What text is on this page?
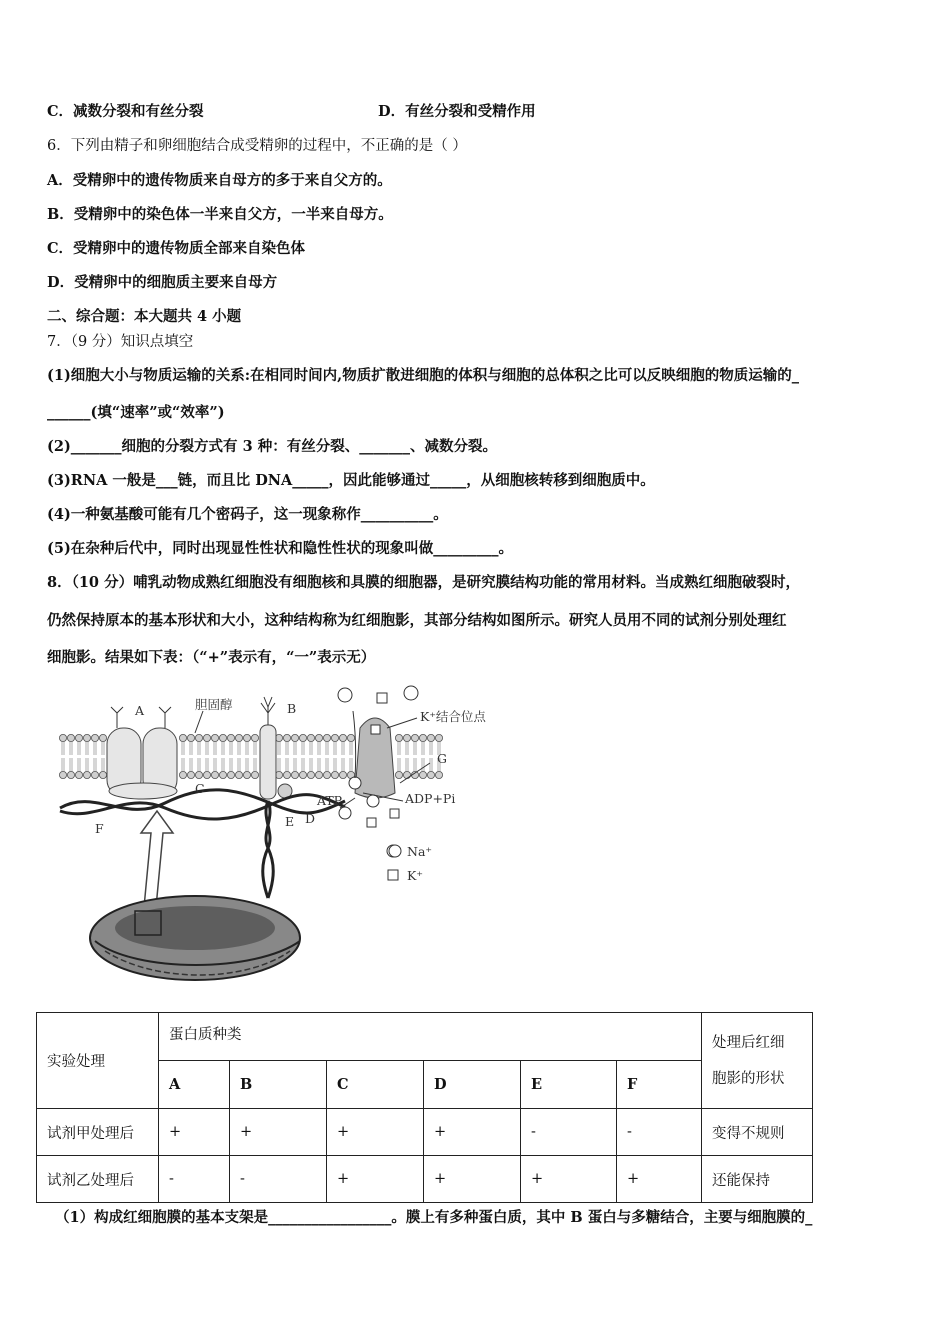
C．减数分裂和有丝分裂	D．有丝分裂和受精作用
6．下列由精子和卵细胞结合成受精卵的过程中，不正确的是（ ）
A．受精卵中的遗传物质来自母方的多于来自父方的。
B．受精卵中的染色体一半来自父方，一半来自母方。
C．受精卵中的遗传物质全部来自染色体
D．受精卵中的细胞质主要来自母方
二、综合题：本大题共 4 小题
7．（9 分）知识点填空
(1)细胞大小与物质运输的关系:在相同时间内,物质扩散进细胞的体积与细胞的总体积之比可以反映细胞的物质运输的_
______(填“速率”或“效率”)
(2)_______细胞的分裂方式有 3 种：有丝分裂、_______、减数分裂。
(3)RNA 一般是___链，而且比 DNA_____，因此能够通过_____，从细胞核转移到细胞质中。
(4)一种氨基酸可能有几个密码子，这一现象称作__________。
(5)在杂种后代中，同时出现显性性状和隐性性状的现象叫做_________。
8．（10 分）哺乳动物成熟红细胞没有细胞核和具膜的细胞器，是研究膜结构功能的常用材料。当成熟红细胞破裂时，
仍然保持原本的基本形状和大小，这种结构称为红细胞影，其部分结构如图所示。研究人员用不同的试剂分别处理红
细胞影。结果如下表：（“+”表示有，“一”表示无）
A	胆固醇	B
C
D
E
F
G
K⁺结合位点
ATP	ADP+Pi
Na⁺
K⁺
实验处理	蛋白质种类						处理后红细
胞影的形状
	A	B	C	D	E	F	
试剂甲处理后	+	+	+	+	-	-	变得不规则
试剂乙处理后	-	-	+	+	+	+	还能保持
（1）构成红细胞膜的基本支架是_________________。膜上有多种蛋白质，其中 B 蛋白与多糖结合，主要与细胞膜的_
